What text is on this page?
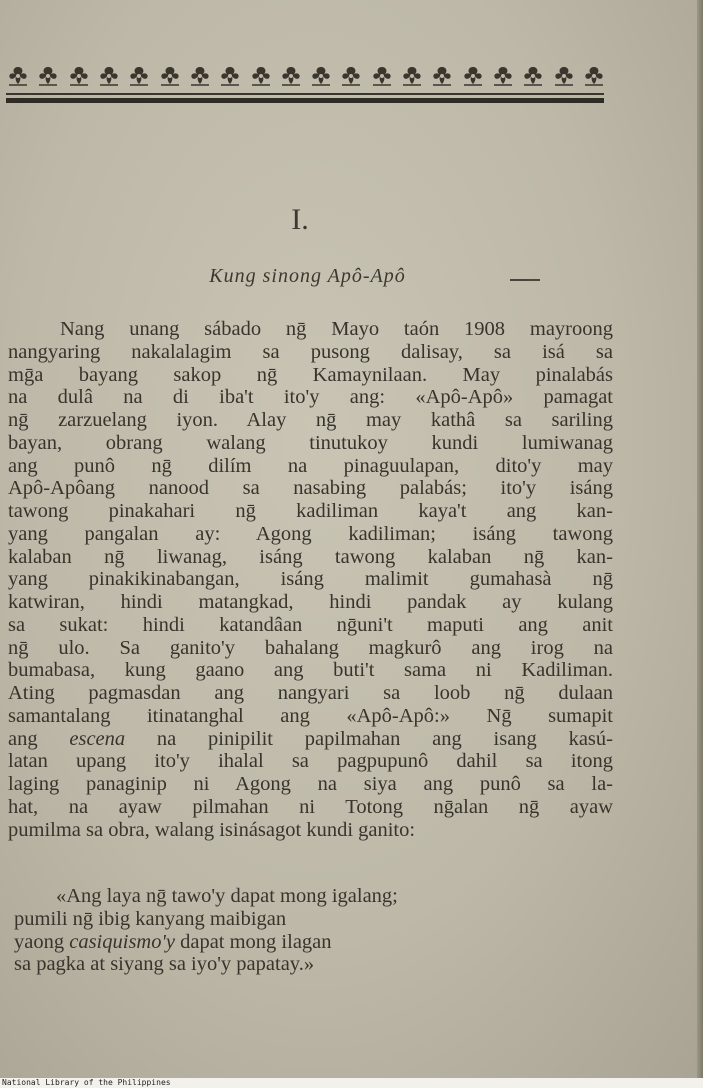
I.
Kung sinong Apô-Apô
Nang unang sábado nḡ Mayo taón 1908 mayroong
nangyaring nakalalagim sa pusong dalisay, sa isá sa
mḡa bayang sakop nḡ Kamaynilaan. May pinalabás
na dulâ na di iba't ito'y ang: «Apô-Apô» pamagat
nḡ zarzuelang iyon. Alay nḡ may kathâ sa sariling
bayan, obrang walang tinutukoy kundi lumiwanag
ang punô nḡ dilím na pinaguulapan, dito'y may
Apô-Apôang nanood sa nasabing palabás; ito'y isáng
tawong pinakahari nḡ kadiliman kaya't ang kan-
yang pangalan ay: Agong kadiliman; isáng tawong
kalaban nḡ liwanag, isáng tawong kalaban nḡ kan-
yang pinakikinabangan, isáng malimit gumahasà nḡ
katwiran, hindi matangkad, hindi pandak ay kulang
sa sukat: hindi katandâan nḡuni't maputi ang anit
nḡ ulo. Sa ganito'y bahalang magkurô ang irog na
bumabasa, kung gaano ang buti't sama ni Kadiliman.
Ating pagmasdan ang nangyari sa loob nḡ dulaan
samantalang itinatanghal ang «Apô-Apô:» Nḡ sumapit
ang escena na pinipilit papilmahan ang isang kasú-
latan upang ito'y ihalal sa pagpupunô dahil sa itong
laging panaginip ni Agong na siya ang punô sa la-
hat, na ayaw pilmahan ni Totong nḡalan nḡ ayaw
pumilma sa obra, walang isinásagot kundi ganito:
«Ang laya nḡ tawo'y dapat mong igalang;
pumili nḡ ibig kanyang maibigan
yaong casiquismo'y dapat mong ilagan
sa pagka at siyang sa iyo'y papatay.»
National Library of the Philippines
